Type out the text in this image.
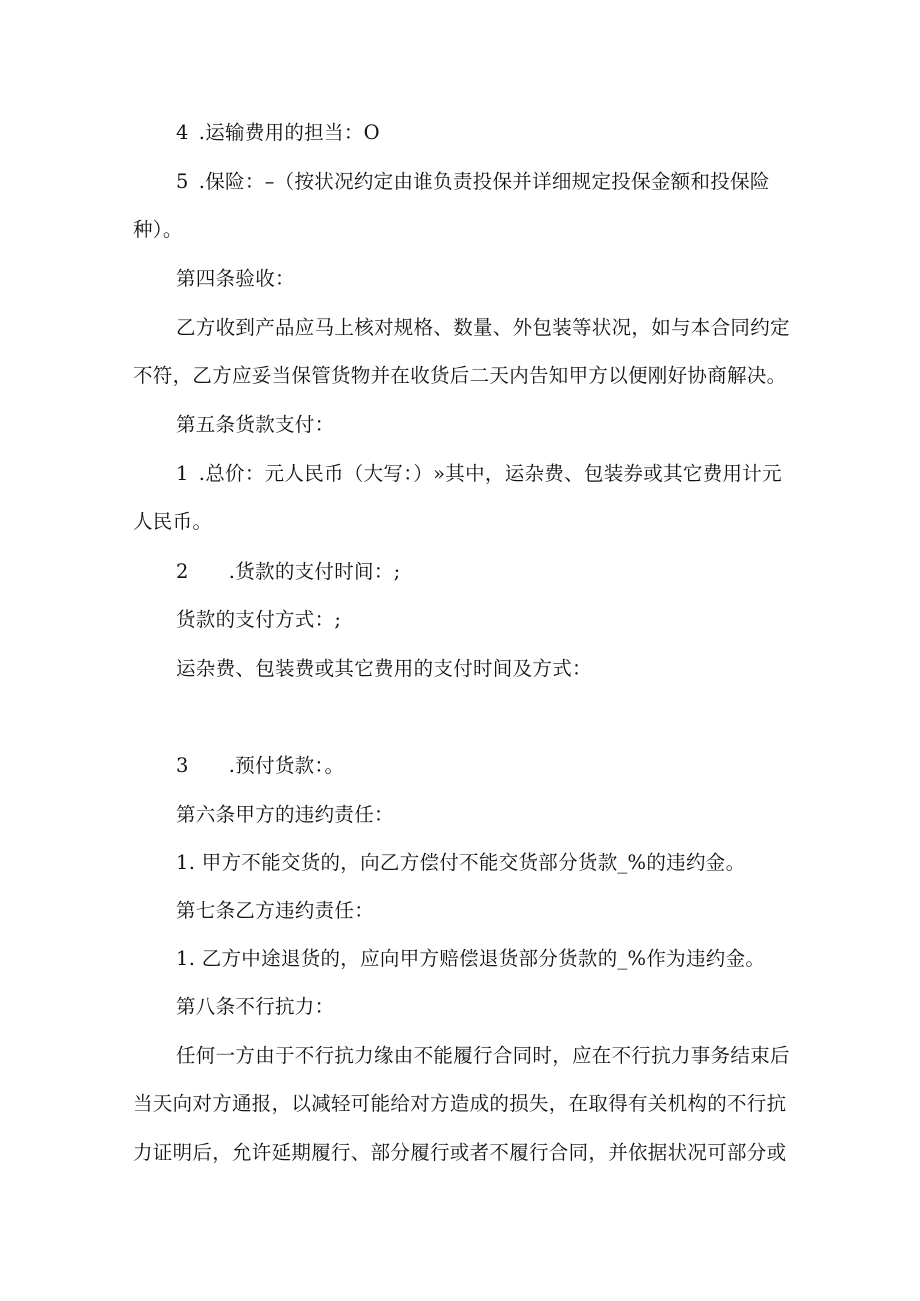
4 .运输费用的担当：O
5 .保险：–（按状况约定由谁负责投保并详细规定投保金额和投保险
种）。
第四条验收：
乙方收到产品应马上核对规格、数量、外包装等状况，如与本合同约定
不符，乙方应妥当保管货物并在收货后二天内告知甲方以便刚好协商解决。
第五条货款支付：
1 .总价：元人民币（大写：）»其中，运杂费、包装券或其它费用计元
人民币。
2 .货款的支付时间：;
货款的支付方式：;
运杂费、包装费或其它费用的支付时间及方式：
3 .预付货款：。
第六条甲方的违约责任：
1. 甲方不能交货的，向乙方偿付不能交货部分货款_%的违约金。
第七条乙方违约责任：
1. 乙方中途退货的，应向甲方赔偿退货部分货款的_%作为违约金。
第八条不行抗力：
任何一方由于不行抗力缘由不能履行合同时，应在不行抗力事务结束后
当天向对方通报，以减轻可能给对方造成的损失，在取得有关机构的不行抗
力证明后，允许延期履行、部分履行或者不履行合同，并依据状况可部分或
